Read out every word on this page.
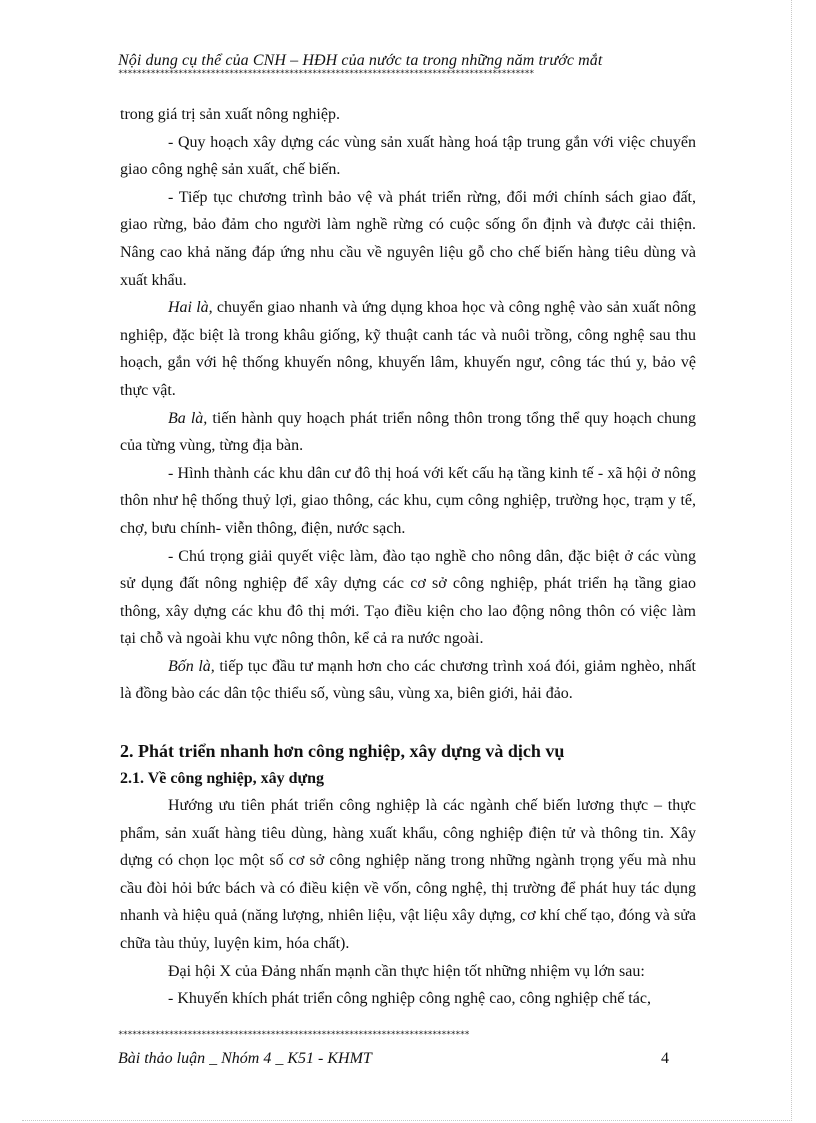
Nội dung cụ thể của CNH – HĐH của nước ta trong những năm trước mắt
******************************************************************************************

trong giá trị sản xuất nông nghiệp.

- Quy hoạch xây dựng các vùng sản xuất hàng hoá tập trung gắn với việc chuyển giao công nghệ sản xuất, chế biến.

- Tiếp tục chương trình bảo vệ và phát triển rừng, đổi mới chính sách giao đất, giao rừng, bảo đảm cho người làm nghề rừng có cuộc sống ổn định và được cải thiện. Nâng cao khả năng đáp ứng nhu cầu về nguyên liệu gỗ cho chế biến hàng tiêu dùng và xuất khẩu.

Hai là, chuyển giao nhanh và ứng dụng khoa học và công nghệ vào sản xuất nông nghiệp, đặc biệt là trong khâu giống, kỹ thuật canh tác và nuôi trồng, công nghệ sau thu hoạch, gắn với hệ thống khuyến nông, khuyến lâm, khuyến ngư, công tác thú y, bảo vệ thực vật.

Ba là, tiến hành quy hoạch phát triển nông thôn trong tổng thể quy hoạch chung của từng vùng, từng địa bàn.

- Hình thành các khu dân cư đô thị hoá với kết cấu hạ tầng kinh tế - xã hội ở nông thôn như hệ thống thuỷ lợi, giao thông, các khu, cụm công nghiệp, trường học, trạm y tế, chợ, bưu chính- viễn thông, điện, nước sạch.

- Chú trọng giải quyết việc làm, đào tạo nghề cho nông dân, đặc biệt ở các vùng sử dụng đất nông nghiệp để xây dựng các cơ sở công nghiệp, phát triển hạ tầng giao thông, xây dựng các khu đô thị mới. Tạo điều kiện cho lao động nông thôn có việc làm tại chỗ và ngoài khu vực nông thôn, kể cả ra nước ngoài.

Bốn là, tiếp tục đầu tư mạnh hơn cho các chương trình xoá đói, giảm nghèo, nhất là đồng bào các dân tộc thiểu số, vùng sâu, vùng xa, biên giới, hải đảo.

2. Phát triển nhanh hơn công nghiệp, xây dựng và dịch vụ

2.1. Về công nghiệp, xây dựng

Hướng ưu tiên phát triển công nghiệp là các ngành chế biến lương thực – thực phẩm, sản xuất hàng tiêu dùng, hàng xuất khẩu, công nghiệp điện tử và thông tin. Xây dựng có chọn lọc một số cơ sở công nghiệp năng trong những ngành trọng yếu mà nhu cầu đòi hỏi bức bách và có điều kiện về vốn, công nghệ, thị trường để phát huy tác dụng nhanh và hiệu quả (năng lượng, nhiên liệu, vật liệu xây dựng, cơ khí chế tạo, đóng và sửa chữa tàu thủy, luyện kim, hóa chất).

Đại hội X của Đảng nhấn mạnh cần thực hiện tốt những nhiệm vụ lớn sau:

- Khuyến khích phát triển công nghiệp công nghệ cao, công nghiệp chế tác,

****************************************************************************
Bài thảo luận _ Nhóm 4 _ K51 - KHMT	4
